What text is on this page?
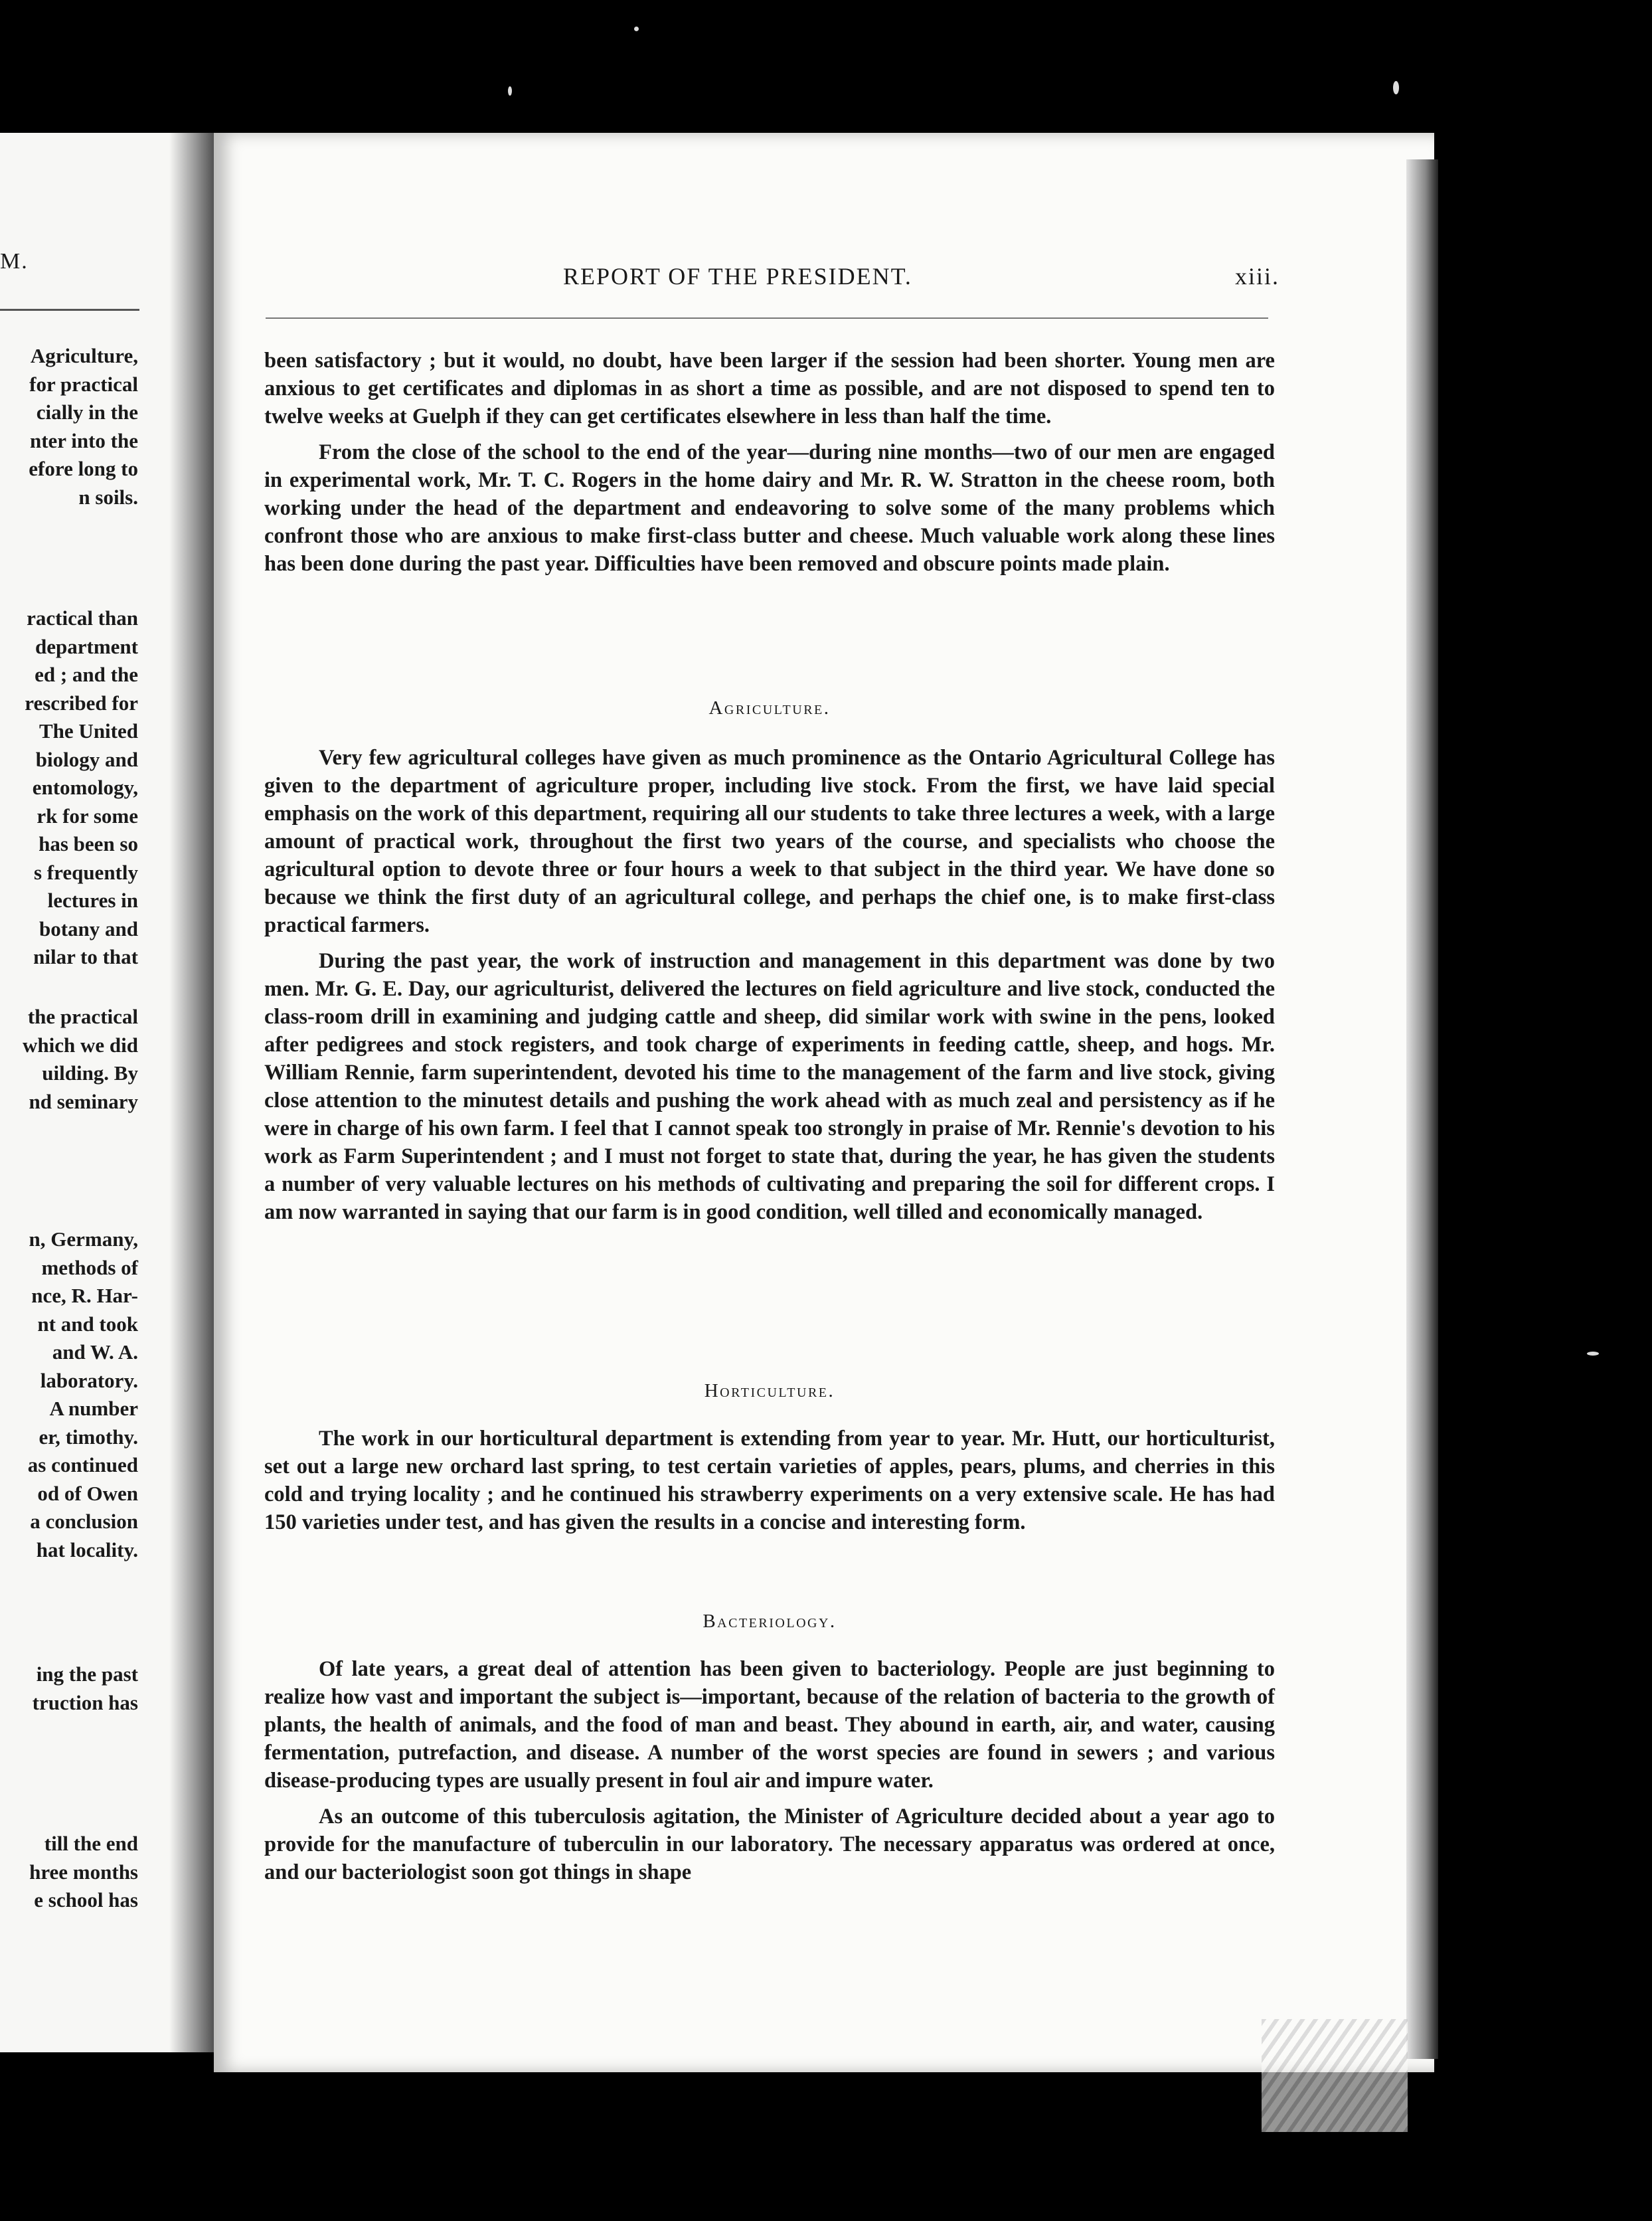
M.
Agriculture,
for practical
cially in the
nter into the
efore long to
n soils.
ractical than
department
ed ; and the
rescribed for
The United
biology and
entomology,
rk for some
has been so
s frequently
lectures in
botany and
nilar to that
the practical
which we did
uilding. By
nd seminary
n, Germany,
methods of
nce, R. Har-
nt and took
and W. A.
laboratory.
A number
er, timothy.
as continued
od of Owen
a conclusion
hat locality.
ing the past
truction has
till the end
hree months
e school has
REPORT OF THE PRESIDENT.	xiii.

been satisfactory ; but it would, no doubt, have been larger if the session had been shorter. Young men are anxious to get certificates and diplomas in as short a time as possible, and are not disposed to spend ten to twelve weeks at Guelph if they can get certificates elsewhere in less than half the time.

From the close of the school to the end of the year—during nine months—two of our men are engaged in experimental work, Mr. T. C. Rogers in the home dairy and Mr. R. W. Stratton in the cheese room, both working under the head of the department and endeavoring to solve some of the many problems which confront those who are anxious to make first-class butter and cheese. Much valuable work along these lines has been done during the past year. Difficulties have been removed and obscure points made plain.

Agriculture.

Very few agricultural colleges have given as much prominence as the Ontario Agricultural College has given to the department of agriculture proper, including live stock. From the first, we have laid special emphasis on the work of this department, requiring all our students to take three lectures a week, with a large amount of practical work, throughout the first two years of the course, and specialists who choose the agricultural option to devote three or four hours a week to that subject in the third year. We have done so because we think the first duty of an agricultural college, and perhaps the chief one, is to make first-class practical farmers.

During the past year, the work of instruction and management in this department was done by two men. Mr. G. E. Day, our agriculturist, delivered the lectures on field agriculture and live stock, conducted the class-room drill in examining and judging cattle and sheep, did similar work with swine in the pens, looked after pedigrees and stock registers, and took charge of experiments in feeding cattle, sheep, and hogs. Mr. William Rennie, farm superintendent, devoted his time to the management of the farm and live stock, giving close attention to the minutest details and pushing the work ahead with as much zeal and persistency as if he were in charge of his own farm. I feel that I cannot speak too strongly in praise of Mr. Rennie's devotion to his work as Farm Superintendent ; and I must not forget to state that, during the year, he has given the students a number of very valuable lectures on his methods of cultivating and preparing the soil for different crops. I am now warranted in saying that our farm is in good condition, well tilled and economically managed.

Horticulture.

The work in our horticultural department is extending from year to year. Mr. Hutt, our horticulturist, set out a large new orchard last spring, to test certain varieties of apples, pears, plums, and cherries in this cold and trying locality ; and he continued his strawberry experiments on a very extensive scale. He has had 150 varieties under test, and has given the results in a concise and interesting form.

Bacteriology.

Of late years, a great deal of attention has been given to bacteriology. People are just beginning to realize how vast and important the subject is—important, because of the relation of bacteria to the growth of plants, the health of animals, and the food of man and beast. They abound in earth, air, and water, causing fermentation, putrefaction, and disease. A number of the worst species are found in sewers ; and various disease-producing types are usually present in foul air and impure water.

As an outcome of this tuberculosis agitation, the Minister of Agriculture decided about a year ago to provide for the manufacture of tuberculin in our laboratory. The necessary apparatus was ordered at once, and our bacteriologist soon got things in shape
